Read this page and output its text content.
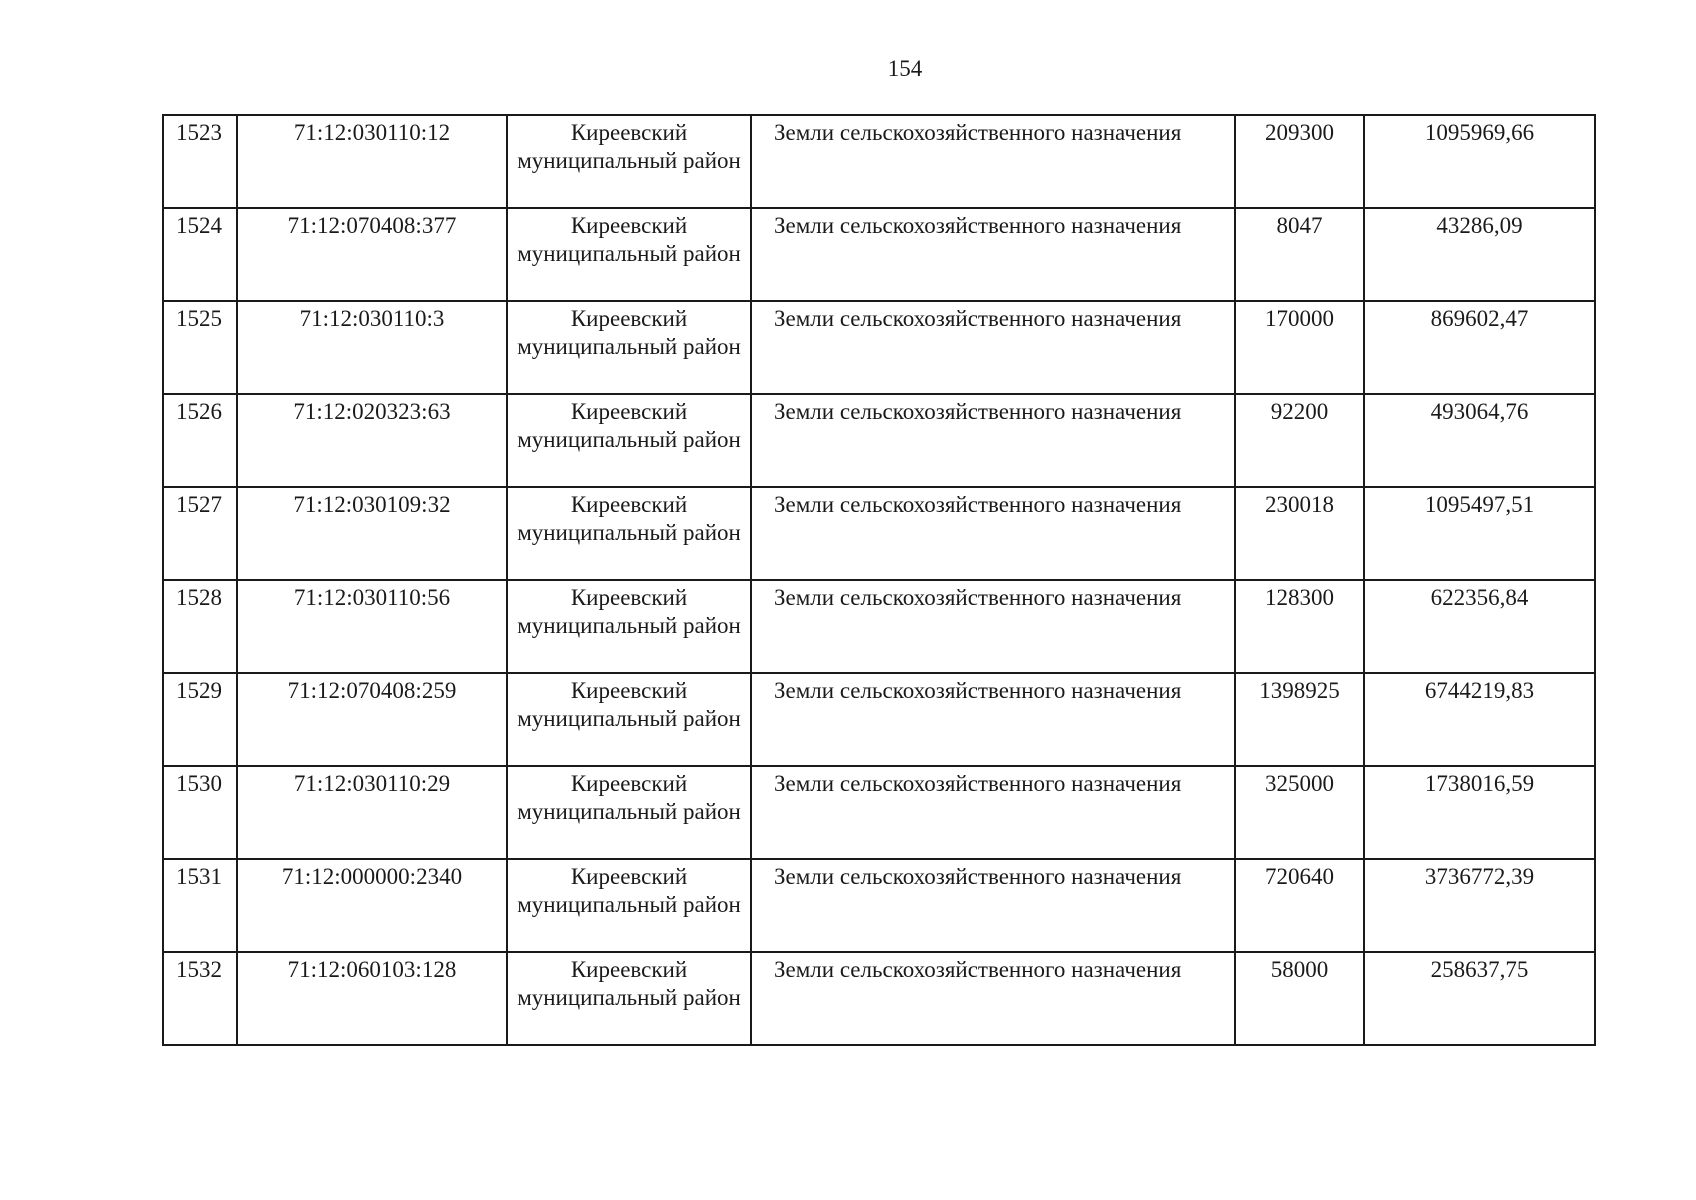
154
1523	71:12:030110:12	Киреевский муниципальный район	Земли сельскохозяйственного назначения	209300	1095969,66
1524	71:12:070408:377	Киреевский муниципальный район	Земли сельскохозяйственного назначения	8047	43286,09
1525	71:12:030110:3	Киреевский муниципальный район	Земли сельскохозяйственного назначения	170000	869602,47
1526	71:12:020323:63	Киреевский муниципальный район	Земли сельскохозяйственного назначения	92200	493064,76
1527	71:12:030109:32	Киреевский муниципальный район	Земли сельскохозяйственного назначения	230018	1095497,51
1528	71:12:030110:56	Киреевский муниципальный район	Земли сельскохозяйственного назначения	128300	622356,84
1529	71:12:070408:259	Киреевский муниципальный район	Земли сельскохозяйственного назначения	1398925	6744219,83
1530	71:12:030110:29	Киреевский муниципальный район	Земли сельскохозяйственного назначения	325000	1738016,59
1531	71:12:000000:2340	Киреевский муниципальный район	Земли сельскохозяйственного назначения	720640	3736772,39
1532	71:12:060103:128	Киреевский муниципальный район	Земли сельскохозяйственного назначения	58000	258637,75
